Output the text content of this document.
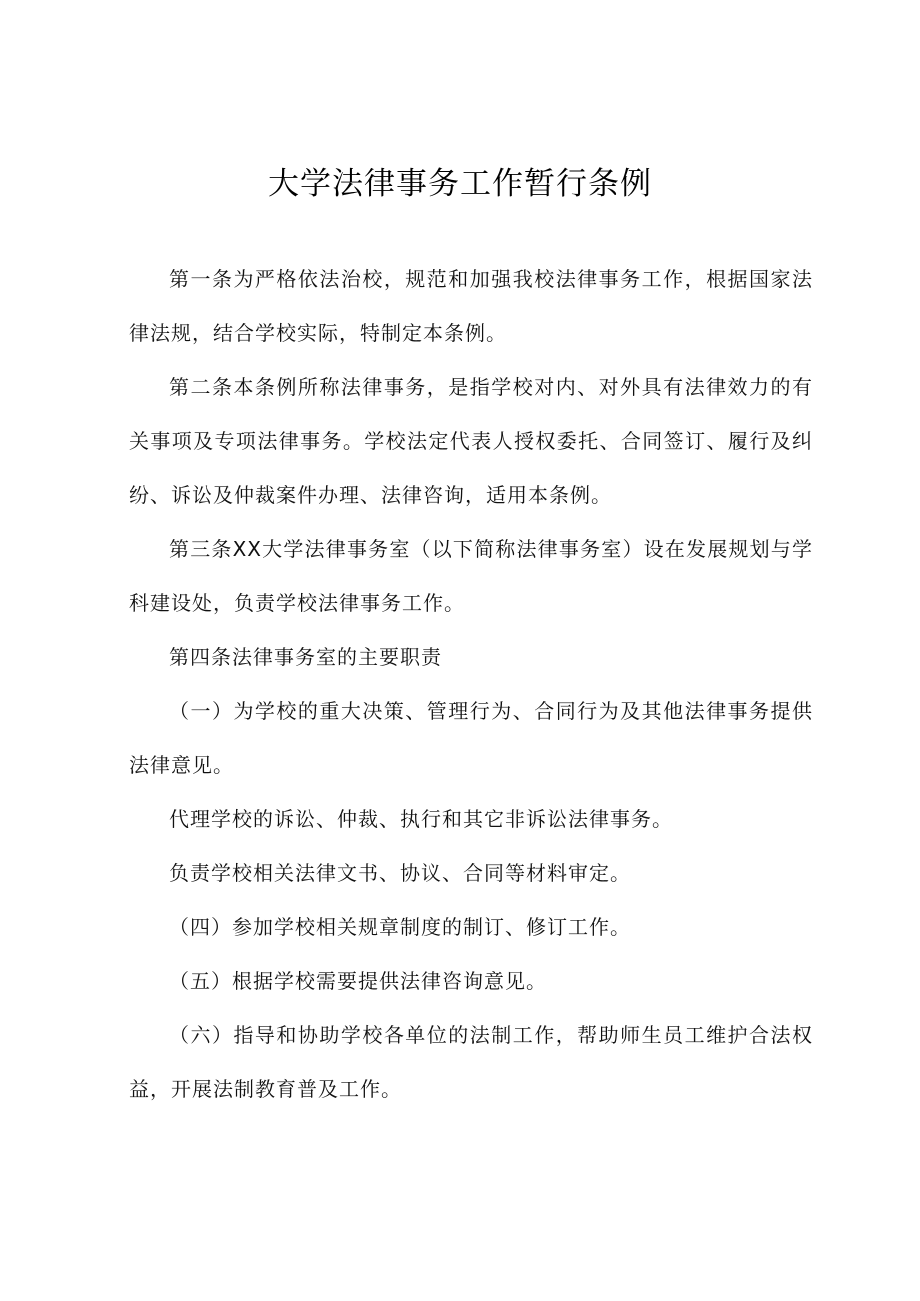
大学法律事务工作暂行条例

第一条为严格依法治校，规范和加强我校法律事务工作，根据国家法律法规，结合学校实际，特制定本条例。

第二条本条例所称法律事务，是指学校对内、对外具有法律效力的有关事项及专项法律事务。学校法定代表人授权委托、合同签订、履行及纠纷、诉讼及仲裁案件办理、法律咨询，适用本条例。

第三条XX大学法律事务室（以下简称法律事务室）设在发展规划与学科建设处，负责学校法律事务工作。

第四条法律事务室的主要职责

（一）为学校的重大决策、管理行为、合同行为及其他法律事务提供法律意见。

代理学校的诉讼、仲裁、执行和其它非诉讼法律事务。

负责学校相关法律文书、协议、合同等材料审定。

（四）参加学校相关规章制度的制订、修订工作。

（五）根据学校需要提供法律咨询意见。

（六）指导和协助学校各单位的法制工作，帮助师生员工维护合法权益，开展法制教育普及工作。
